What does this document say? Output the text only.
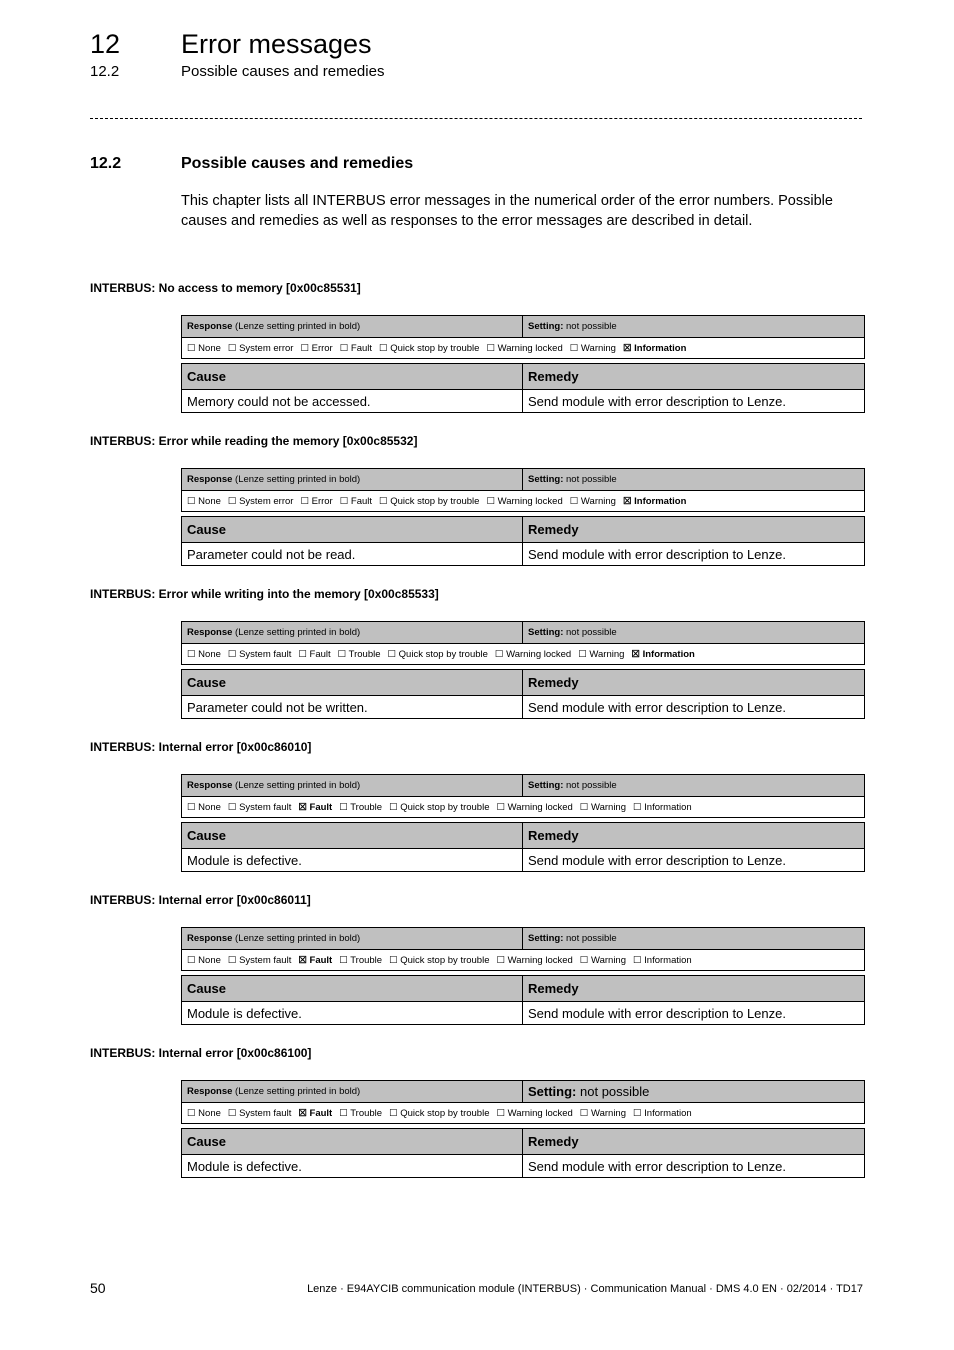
12 Error messages
12.2	Possible causes and remedies
12.2	Possible causes and remedies
This chapter lists all INTERBUS error messages in the numerical order of the error numbers. Possible causes and remedies as well as responses to the error messages are described in detail.
INTERBUS: No access to memory [0x00c85531]
Response (Lenze setting printed in bold)	Setting: not possible
☐ None ☐ System error ☐ Error ☐ Fault ☐ Quick stop by trouble ☐ Warning locked ☐ Warning ☒ Information
Cause	Remedy
Memory could not be accessed.	Send module with error description to Lenze.
INTERBUS: Error while reading the memory [0x00c85532]
Response (Lenze setting printed in bold)	Setting: not possible
☐ None ☐ System error ☐ Error ☐ Fault ☐ Quick stop by trouble ☐ Warning locked ☐ Warning ☒ Information
Cause	Remedy
Parameter could not be read.	Send module with error description to Lenze.
INTERBUS: Error while writing into the memory [0x00c85533]
Response (Lenze setting printed in bold)	Setting: not possible
☐ None ☐ System fault ☐ Fault ☐ Trouble ☐ Quick stop by trouble ☐ Warning locked ☐ Warning ☒ Information
Cause	Remedy
Parameter could not be written.	Send module with error description to Lenze.
INTERBUS: Internal error [0x00c86010]
Response (Lenze setting printed in bold)	Setting: not possible
☐ None ☐ System fault ☒ Fault ☐ Trouble ☐ Quick stop by trouble ☐ Warning locked ☐ Warning ☐ Information
Cause	Remedy
Module is defective.	Send module with error description to Lenze.
INTERBUS: Internal error [0x00c86011]
Response (Lenze setting printed in bold)	Setting: not possible
☐ None ☐ System fault ☒ Fault ☐ Trouble ☐ Quick stop by trouble ☐ Warning locked ☐ Warning ☐ Information
Cause	Remedy
Module is defective.	Send module with error description to Lenze.
INTERBUS: Internal error [0x00c86100]
Response (Lenze setting printed in bold)	Setting: not possible
☐ None ☐ System fault ☒ Fault ☐ Trouble ☐ Quick stop by trouble ☐ Warning locked ☐ Warning ☐ Information
Cause	Remedy
Module is defective.	Send module with error description to Lenze.
50	Lenze · E94AYCIB communication module (INTERBUS) · Communication Manual · DMS 4.0 EN · 02/2014 · TD17
